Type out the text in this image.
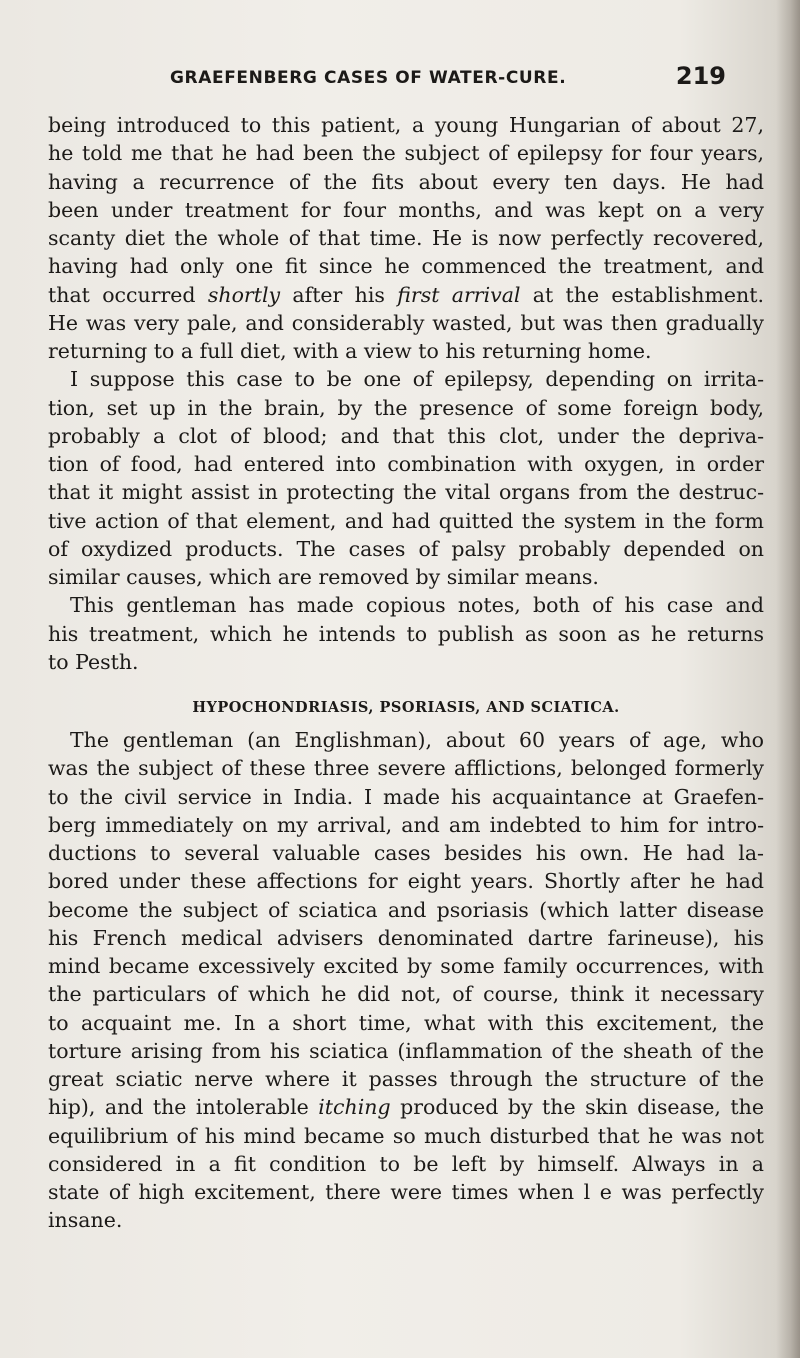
GRAEFENBERG CASES OF WATER-CURE.	219
being introduced to this patient, a young Hungarian of about 27,
he told me that he had been the subject of epilepsy for four years,
having a recurrence of the fits about every ten days. He had
been under treatment for four months, and was kept on a very
scanty diet the whole of that time. He is now perfectly recovered,
having had only one fit since he commenced the treatment, and
that occurred shortly after his first arrival at the establishment.
He was very pale, and considerably wasted, but was then gradually
returning to a full diet, with a view to his returning home.
I suppose this case to be one of epilepsy, depending on irrita-
tion, set up in the brain, by the presence of some foreign body,
probably a clot of blood; and that this clot, under the depriva-
tion of food, had entered into combination with oxygen, in order
that it might assist in protecting the vital organs from the destruc-
tive action of that element, and had quitted the system in the form
of oxydized products. The cases of palsy probably depended on
similar causes, which are removed by similar means.
This gentleman has made copious notes, both of his case and
his treatment, which he intends to publish as soon as he returns
to Pesth.
HYPOCHONDRIASIS, PSORIASIS, AND SCIATICA.
The gentleman (an Englishman), about 60 years of age, who
was the subject of these three severe afflictions, belonged formerly
to the civil service in India. I made his acquaintance at Graefen-
berg immediately on my arrival, and am indebted to him for intro-
ductions to several valuable cases besides his own. He had la-
bored under these affections for eight years. Shortly after he had
become the subject of sciatica and psoriasis (which latter disease
his French medical advisers denominated dartre farineuse), his
mind became excessively excited by some family occurrences, with
the particulars of which he did not, of course, think it necessary
to acquaint me. In a short time, what with this excitement, the
torture arising from his sciatica (inflammation of the sheath of the
great sciatic nerve where it passes through the structure of the
hip), and the intolerable itching produced by the skin disease, the
equilibrium of his mind became so much disturbed that he was not
considered in a fit condition to be left by himself. Always in a
state of high excitement, there were times when l e was perfectly
insane.
